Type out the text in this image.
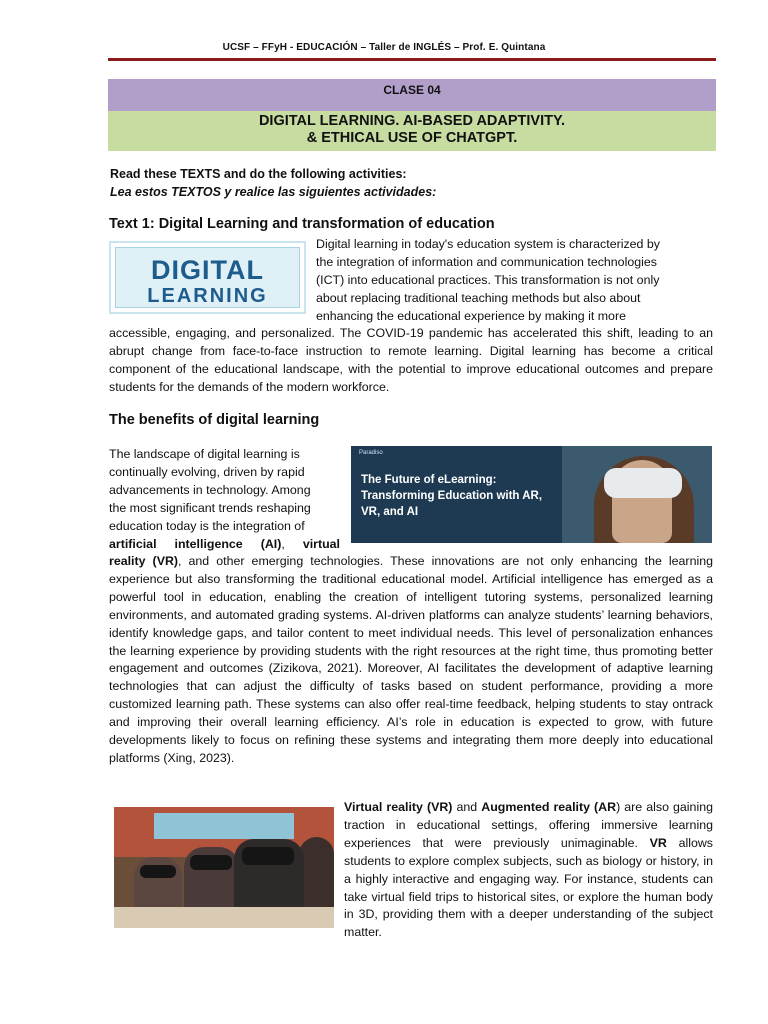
UCSF – FFyH - EDUCACIÓN – Taller de INGLÉS – Prof. E. Quintana
CLASE 04
DIGITAL LEARNING. AI-BASED ADAPTIVITY.
& ETHICAL USE OF CHATGPT.
Read these TEXTS and do the following activities:
Lea estos TEXTOS y realice las siguientes actividades:
Text 1: Digital Learning and transformation of education
DIGITAL
LEARNING
Digital learning in today's education system is characterized by
the integration of information and communication technologies
(ICT) into educational practices. This transformation is not only
about replacing traditional teaching methods but also about
enhancing the educational experience by making it more
accessible, engaging, and personalized. The COVID-19 pandemic has accelerated this shift, leading to an abrupt change from face-to-face instruction to remote learning. Digital learning has become a critical component of the educational landscape, with the potential to improve educational outcomes and prepare students for the demands of the modern workforce.
The benefits of digital learning
The landscape of digital learning is
continually evolving, driven by rapid
advancements in technology. Among
the most significant trends reshaping
education today is the integration of
artificial intelligence (AI), virtual
Paradiso
The Future of eLearning: Transforming Education with AR, VR, and AI
reality (VR), and other emerging technologies. These innovations are not only enhancing the learning experience but also transforming the traditional educational model. Artificial intelligence has emerged as a powerful tool in education, enabling the creation of intelligent tutoring systems, personalized learning environments, and automated grading systems. AI-driven platforms can analyze students’ learning behaviors, identify knowledge gaps, and tailor content to meet individual needs. This level of personalization enhances the learning experience by providing students with the right resources at the right time, thus promoting better engagement and outcomes (Zizikova, 2021). Moreover, AI facilitates the development of adaptive learning technologies that can adjust the difficulty of tasks based on student performance, providing a more customized learning path. These systems can also offer real-time feedback, helping students to stay ontrack and improving their overall learning efficiency. AI’s role in education is expected to grow, with future developments likely to focus on refining these systems and integrating them more deeply into educational platforms (Xing, 2023).
Virtual reality (VR) and Augmented reality (AR) are also gaining traction in educational settings, offering immersive learning experiences that were previously unimaginable. VR allows students to explore complex subjects, such as biology or history, in a highly interactive and engaging way. For instance, students can take virtual field trips to historical sites, or explore the human body in 3D, providing them with a deeper understanding of the subject matter.
